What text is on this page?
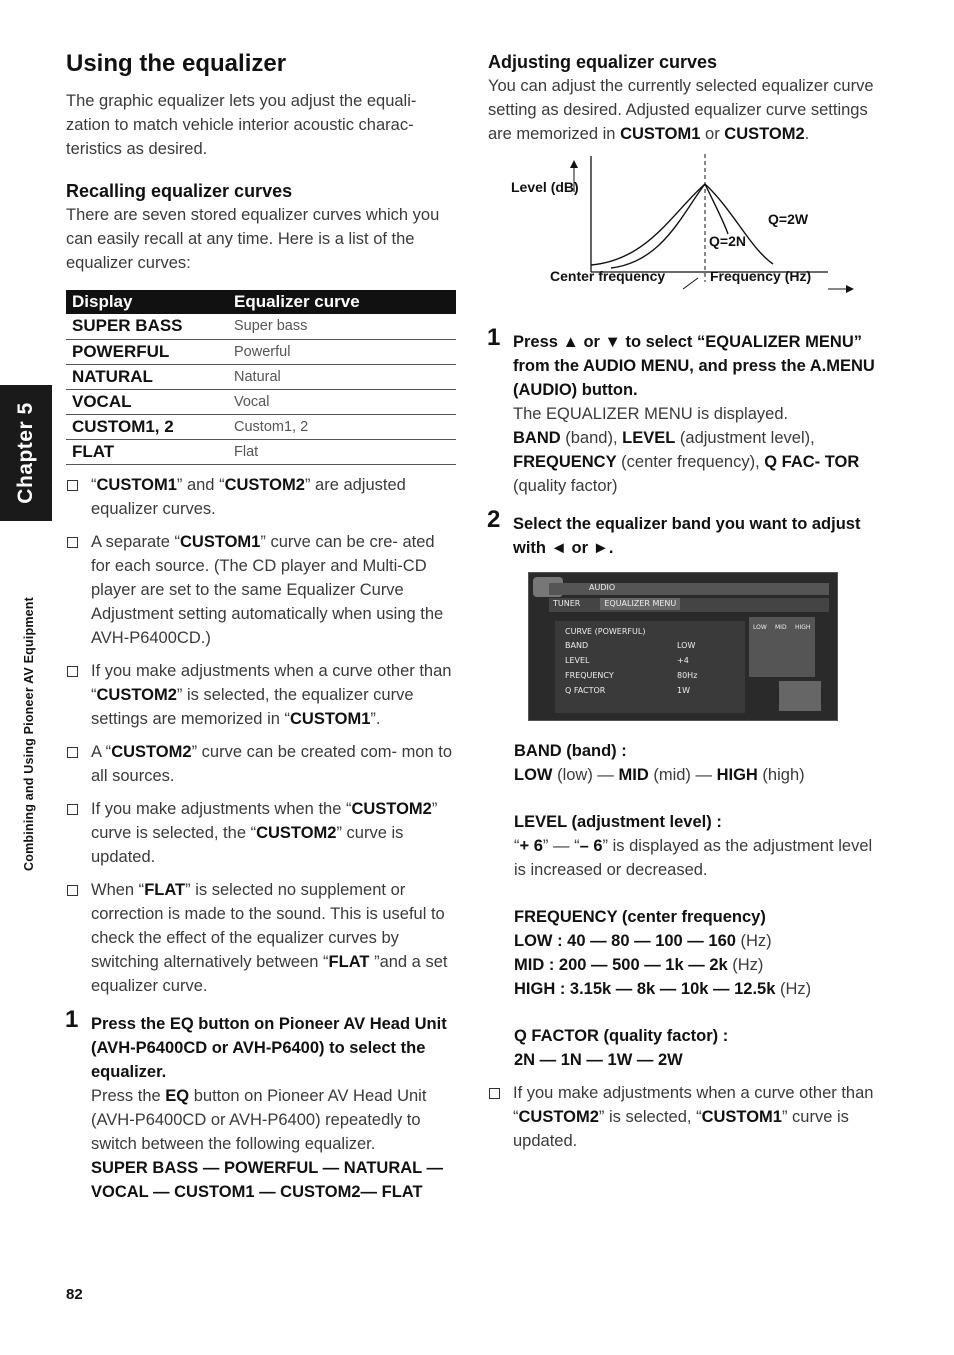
Chapter 5
Combining and Using Pioneer AV Equipment
Using the equalizer

The graphic equalizer lets you adjust the equali- zation to match vehicle interior acoustic charac- teristics as desired.

Recalling equalizer curves

There are seven stored equalizer curves which you can easily recall at any time. Here is a list of the equalizer curves:

Display	Equalizer curve
SUPER BASS	Super bass
POWERFUL	Powerful
NATURAL	Natural
VOCAL	Vocal
CUSTOM1, 2	Custom1, 2
FLAT	Flat
“CUSTOM1” and “CUSTOM2” are adjusted equalizer curves.
A separate “CUSTOM1” curve can be cre- ated for each source. (The CD player and Multi-CD player are set to the same Equalizer Curve Adjustment setting automatically when using the AVH-P6400CD.)
If you make adjustments when a curve other than “CUSTOM2” is selected, the equalizer curve settings are memorized in “CUSTOM1”.
A “CUSTOM2” curve can be created com- mon to all sources.
If you make adjustments when the “CUSTOM2” curve is selected, the “CUSTOM2” curve is updated.
When “FLAT” is selected no supplement or correction is made to the sound. This is useful to check the effect of the equalizer curves by switching alternatively between “FLAT ”and a set equalizer curve.
1 Press the EQ button on Pioneer AV Head Unit (AVH-P6400CD or AVH-P6400) to select the equalizer.

Press the EQ button on Pioneer AV Head Unit (AVH-P6400CD or AVH-P6400) repeatedly to switch between the following equalizer.

SUPER BASS — POWERFUL — NATURAL — VOCAL — CUSTOM1 — CUSTOM2— FLAT

Adjusting equalizer curves

You can adjust the currently selected equalizer curve setting as desired. Adjusted equalizer curve settings are memorized in CUSTOM1 or CUSTOM2.

Level (dB)
Q=2W
Q=2N
Center frequency	Frequency (Hz)
1 Press ▲ or ▼ to select “EQUALIZER MENU” from the AUDIO MENU, and press the A.MENU (AUDIO) button.

The EQUALIZER MENU is displayed.

BAND (band), LEVEL (adjustment level), FREQUENCY (center frequency), Q FAC- TOR (quality factor)

2 Select the equalizer band you want to adjust with ◄ or ►.
AUDIO
TUNER	EQUALIZER MENU
CURVE (POWERFUL)
BAND	LOW
LEVEL	+4
FREQUENCY	80Hz
Q FACTOR	1W
LOW MID HIGH

BAND (band) :

LOW (low) — MID (mid) — HIGH (high)

LEVEL (adjustment level) :

“+ 6” — “– 6” is displayed as the adjustment level is increased or decreased.

FREQUENCY (center frequency)

LOW : 40 — 80 — 100 — 160 (Hz)

MID : 200 — 500 — 1k — 2k (Hz)

HIGH : 3.15k — 8k — 10k — 12.5k (Hz)

Q FACTOR (quality factor) :

2N — 1N — 1W — 2W

If you make adjustments when a curve other than “CUSTOM2” is selected, “CUSTOM1” curve is updated.
82
